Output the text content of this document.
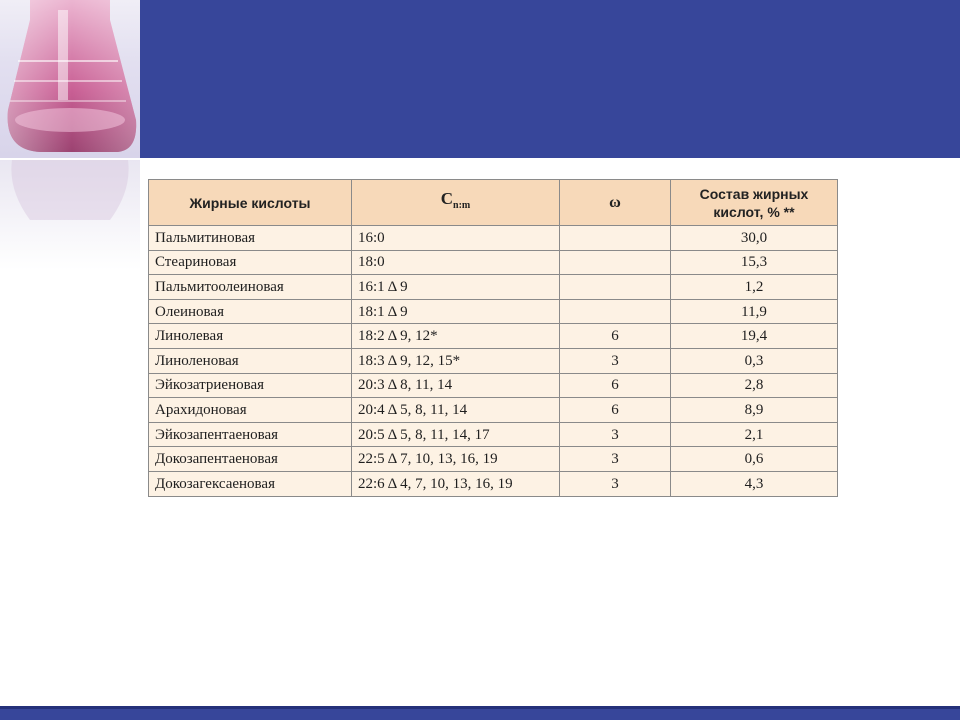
Жирные кислоты	$C_{n:m}$	ω	Состав жирных кислот, % **
Пальмитиновая	16:0		30,0
Стеариновая	18:0		15,3
Пальмитоолеиновая	16:1 Δ 9		1,2
Олеиновая	18:1 Δ 9		11,9
Линолевая	18:2 Δ 9, 12*	6	19,4
Линоленовая	18:3 Δ 9, 12, 15*	3	0,3
Эйкозатриеновая	20:3 Δ 8, 11, 14	6	2,8
Арахидоновая	20:4 Δ 5, 8, 11, 14	6	8,9
Эйкозапентаеновая	20:5 Δ 5, 8, 11, 14, 17	3	2,1
Докозапентаеновая	22:5 Δ 7, 10, 13, 16, 19	3	0,6
Докозагексаеновая	22:6 Δ 4, 7, 10, 13, 16, 19	3	4,3
